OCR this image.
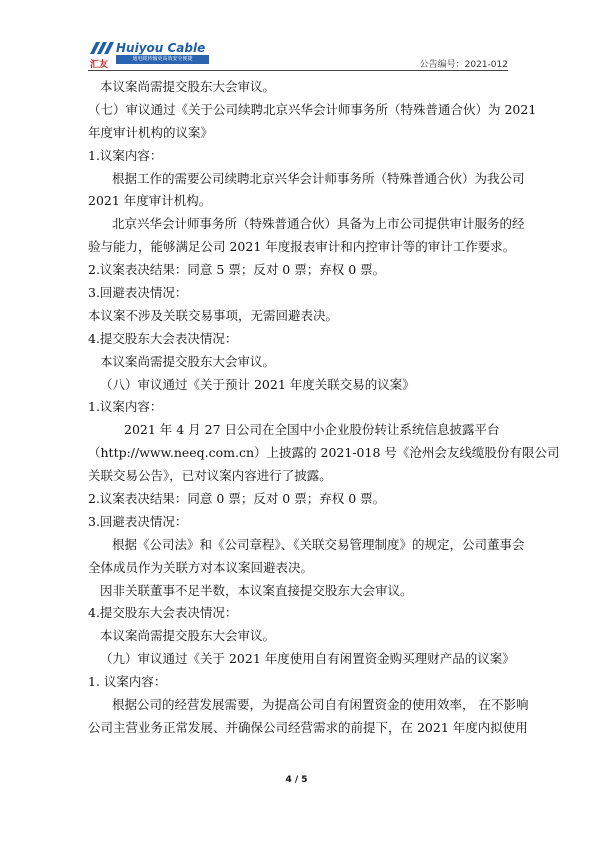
汇友
Huiyou Cable
通电缆传输更高效安全便捷
公告编号：2021-012
本议案尚需提交股东大会审议。
（七）审议通过《关于公司续聘北京兴华会计师事务所（特殊普通合伙）为 2021
年度审计机构的议案》
1.议案内容：
根据工作的需要公司续聘北京兴华会计师事务所（特殊普通合伙）为我公司
2021 年度审计机构。
北京兴华会计师事务所（特殊普通合伙）具备为上市公司提供审计服务的经
验与能力，能够满足公司 2021 年度报表审计和内控审计等的审计工作要求。
2.议案表决结果：同意 5 票；反对 0 票；弃权 0 票。
3.回避表决情况：
本议案不涉及关联交易事项，无需回避表决。
4.提交股东大会表决情况：
本议案尚需提交股东大会审议。
（八）审议通过《关于预计 2021 年度关联交易的议案》
1.议案内容：
2021 年 4 月 27 日公司在全国中小企业股份转让系统信息披露平台
（http://www.neeq.com.cn）上披露的 2021-018 号《沧州会友线缆股份有限公司
关联交易公告》，已对议案内容进行了披露。
2.议案表决结果：同意 0 票；反对 0 票；弃权 0 票。
3.回避表决情况：
根据《公司法》和《公司章程》、《关联交易管理制度》的规定，公司董事会
全体成员作为关联方对本议案回避表决。
因非关联董事不足半数，本议案直接提交股东大会审议。
4.提交股东大会表决情况：
本议案尚需提交股东大会审议。
（九）审议通过《关于 2021 年度使用自有闲置资金购买理财产品的议案》
1. 议案内容：
根据公司的经营发展需要，为提高公司自有闲置资金的使用效率， 在不影响
公司主营业务正常发展、并确保公司经营需求的前提下，在 2021 年度内拟使用
4 / 5
